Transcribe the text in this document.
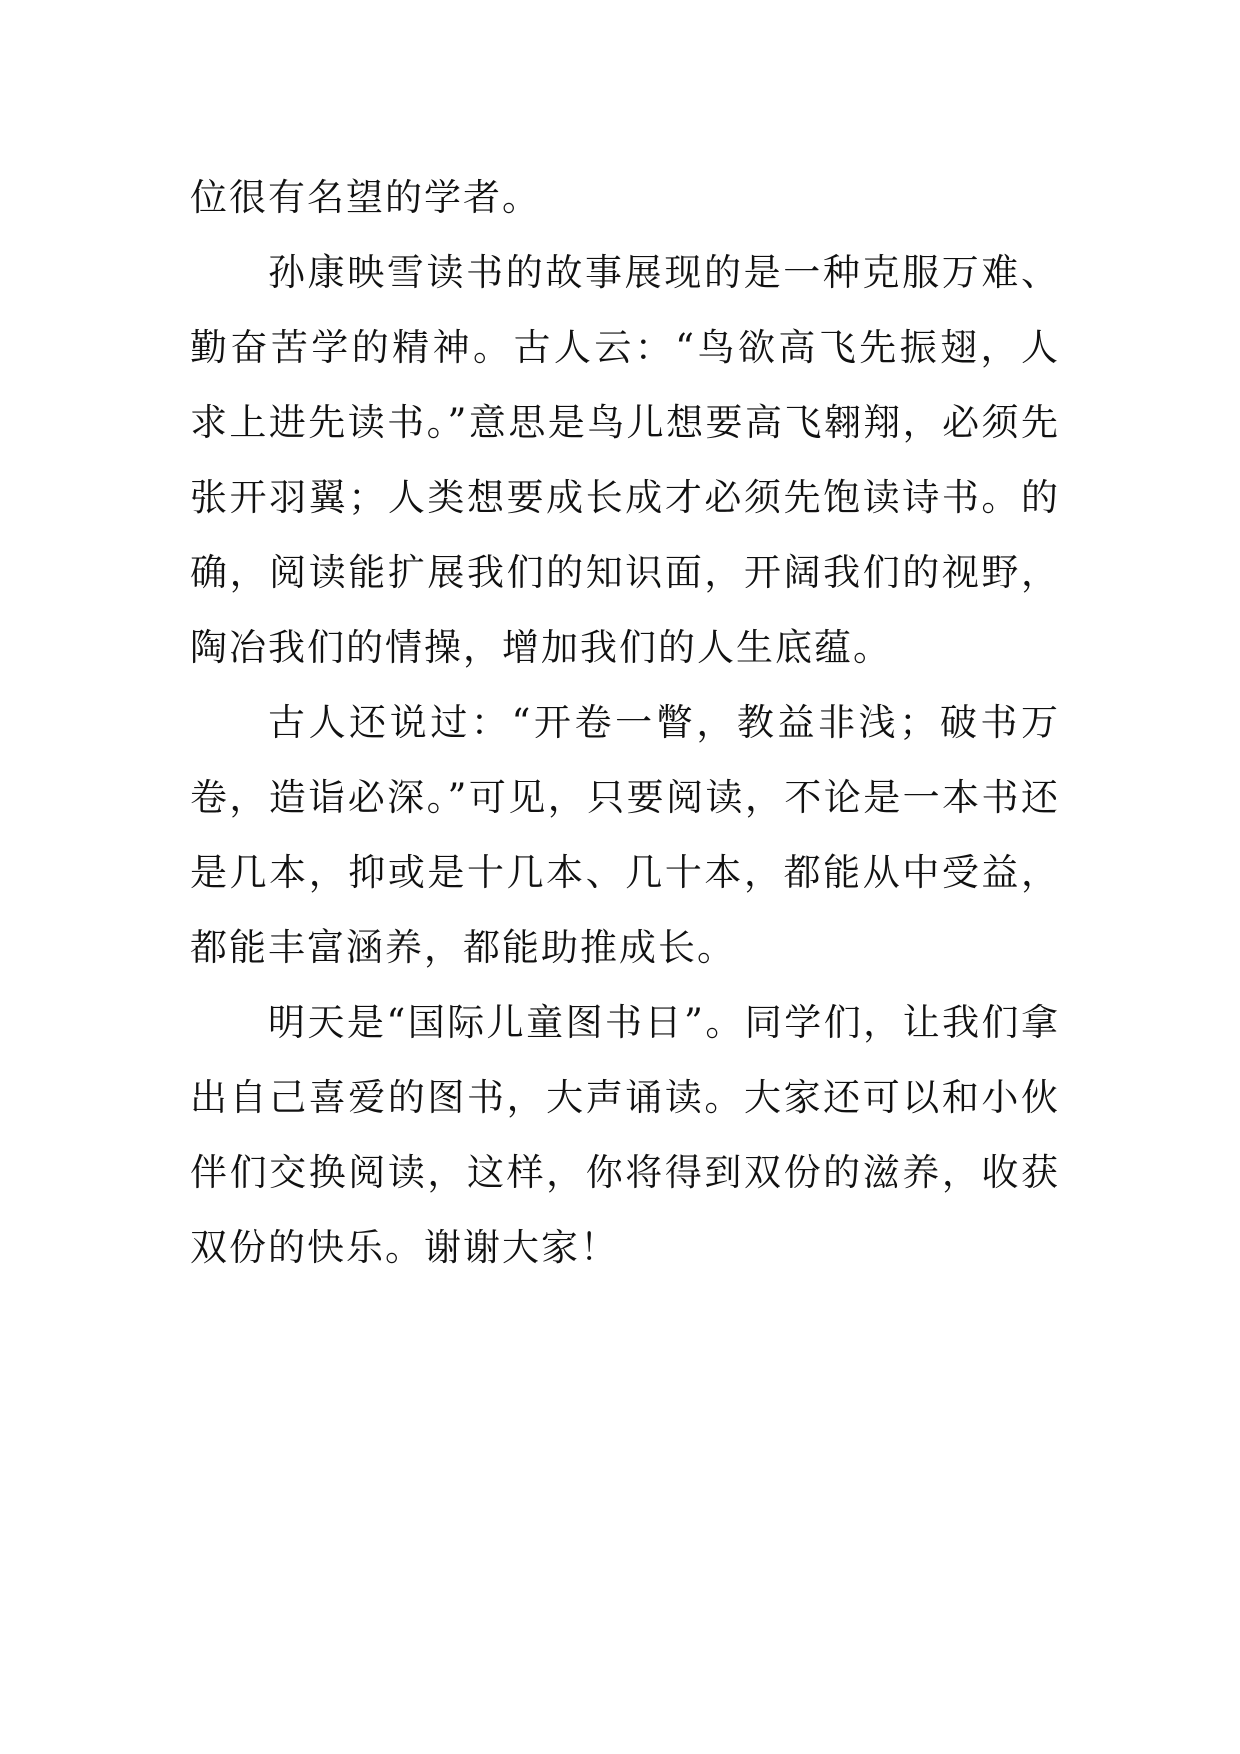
位很有名望的学者。

孙康映雪读书的故事展现的是一种克服万难、勤奋苦学的精神。古人云：“鸟欲高飞先振翅，人求上进先读书。”意思是鸟儿想要高飞翱翔，必须先张开羽翼；人类想要成长成才必须先饱读诗书。的确，阅读能扩展我们的知识面，开阔我们的视野，陶冶我们的情操，增加我们的人生底蕴。

古人还说过：“开卷一瞥，教益非浅；破书万卷，造诣必深。”可见，只要阅读，不论是一本书还是几本，抑或是十几本、几十本，都能从中受益，都能丰富涵养，都能助推成长。

明天是“国际儿童图书日”。同学们，让我们拿出自己喜爱的图书，大声诵读。大家还可以和小伙伴们交换阅读，这样，你将得到双份的滋养，收获双份的快乐。谢谢大家！
